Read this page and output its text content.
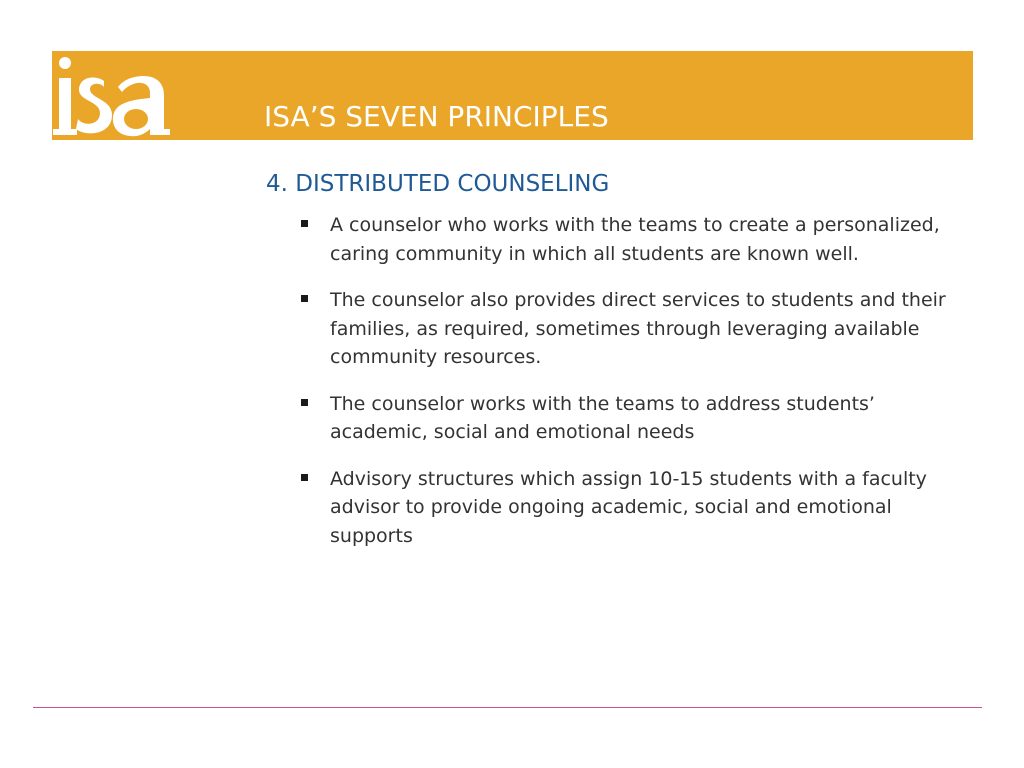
ISA’S SEVEN PRINCIPLES
4. DISTRIBUTED COUNSELING
A counselor who works with the teams to create a personalized, caring community in which all students are known well.
The counselor also provides direct services to students and their families, as required, sometimes through leveraging available community resources.
The counselor works with the teams to address students’ academic, social and emotional needs
Advisory structures which assign 10-15 students with a faculty advisor to provide ongoing academic, social and emotional supports
